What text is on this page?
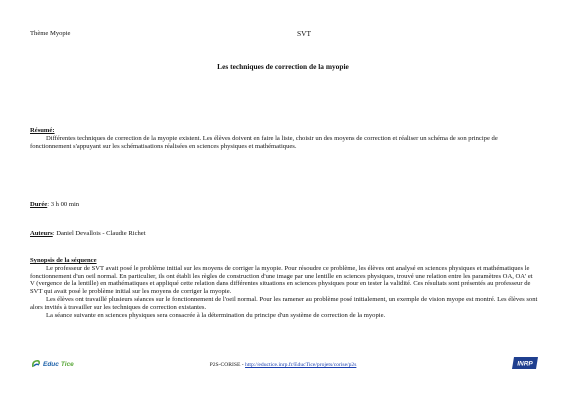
Thème Myopie	SVT
Les techniques de correction de la myopie
Résumé:

Différentes techniques de correction de la myopie existent. Les élèves doivent en faire la liste, choisir un des moyens de correction et réaliser un schéma de son principe de fonctionnement s'appuyant sur les schématisations réalisées en sciences physiques et mathématiques.

Durée: 3 h 00 min
Auteurs: Daniel Devallois - Claudie Richet
Synopsis de la séquence

Le professeur de SVT avait posé le problème initial sur les moyens de corriger la myopie. Pour résoudre ce problème, les élèves ont analysé en sciences physiques et mathématiques le fonctionnement d'un oeil normal. En particulier, ils ont établi les règles de construction d'une image par une lentille en sciences physiques, trouvé une relation entre les paramètres OA, OA' et V (vergence de la lentille) en mathématiques et appliqué cette relation dans différentes situations en sciences physiques pour en tester la validité. Ces résultats sont présentés au professeur de SVT qui avait posé le problème initial sur les moyens de corriger la myopie.

Les élèves ont travaillé plusieurs séances sur le fonctionnement de l'oeil normal. Pour les ramener au problème posé initialement, un exemple de vision myope est montré. Les élèves sont alors invités à travailler sur les techniques de correction existantes.

La séance suivante en sciences physiques sera consacrée à la détermination du principe d'un système de correction de la myopie.

Educ Tice	P2S-CORISE - http://eductice.inrp.fr/EducTice/projets/corise/p2s	INRP
